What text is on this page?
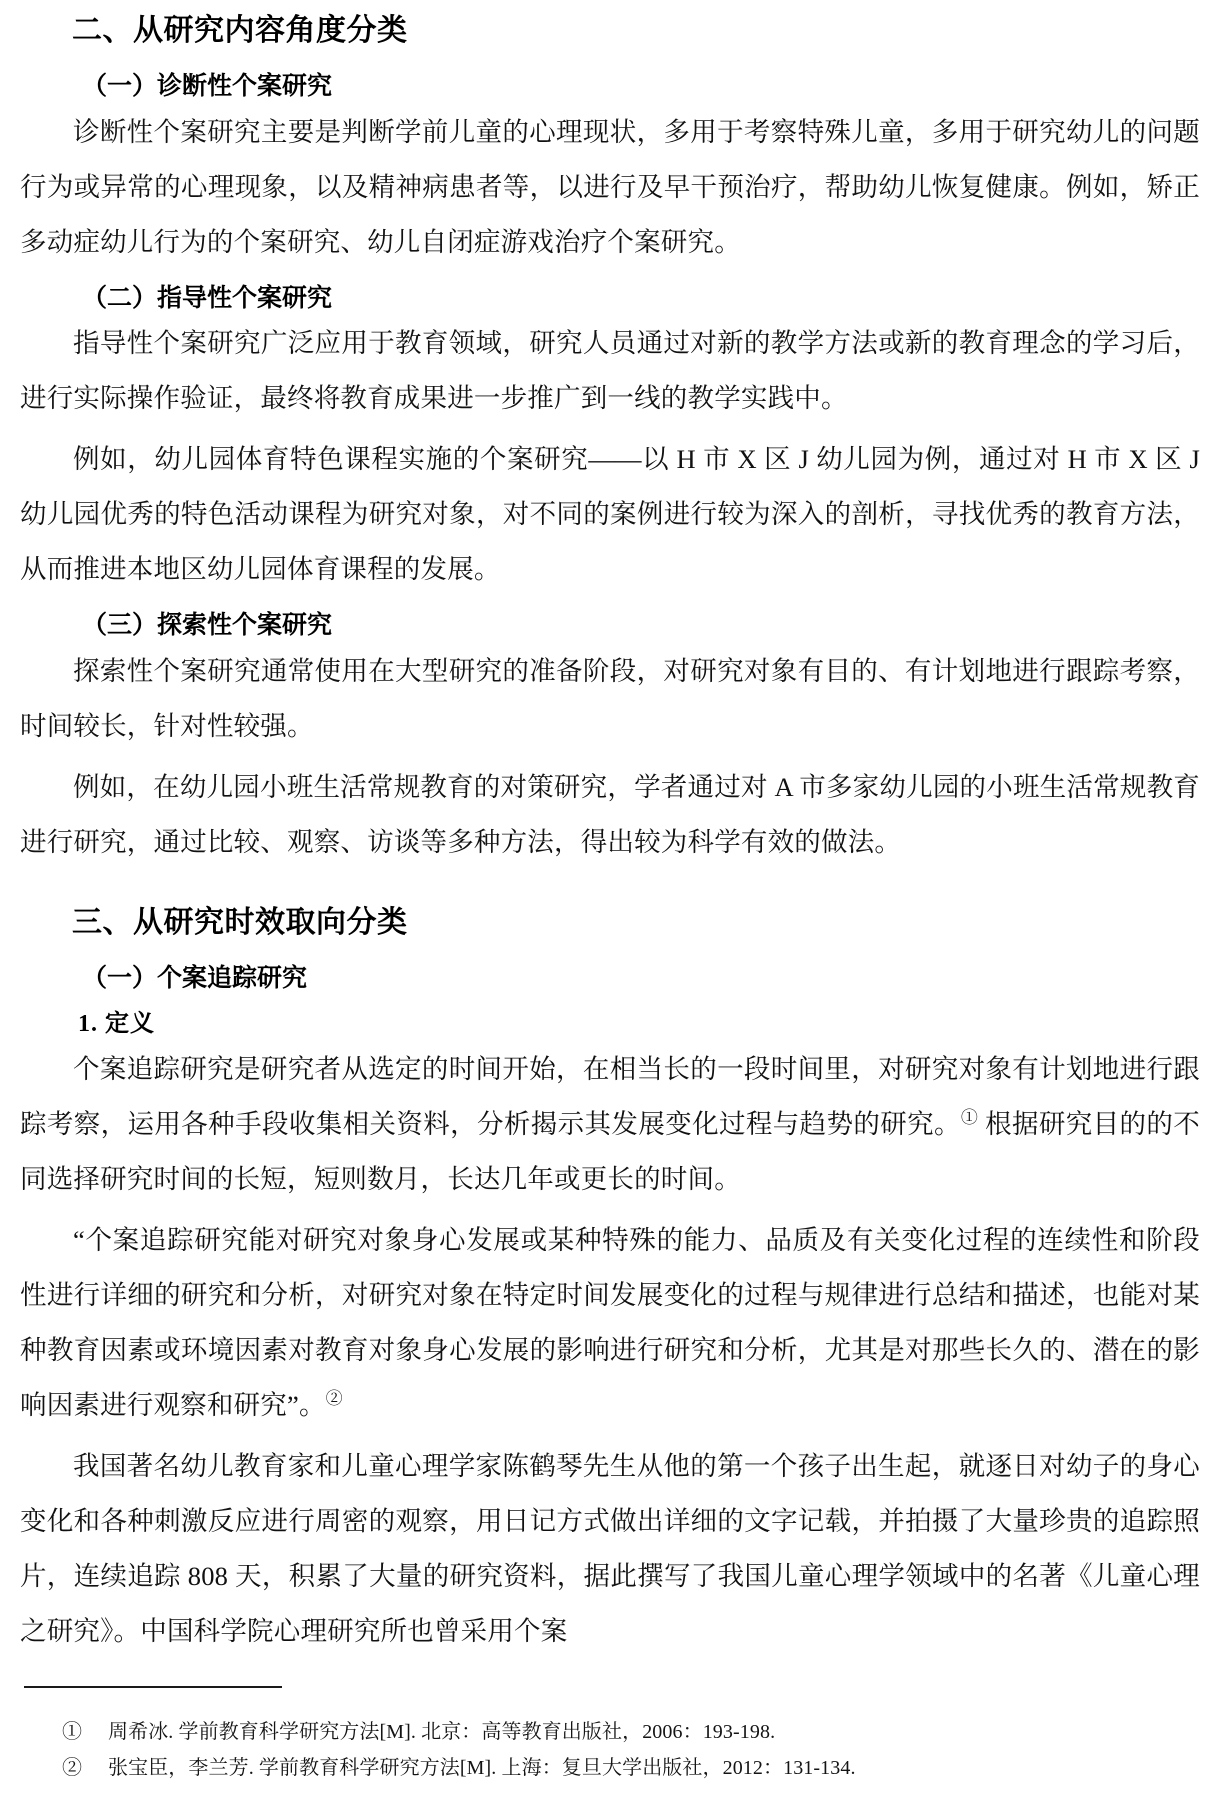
二、从研究内容角度分类
（一）诊断性个案研究

诊断性个案研究主要是判断学前儿童的心理现状，多用于考察特殊儿童，多用于研究幼儿的问题行为或异常的心理现象，以及精神病患者等，以进行及早干预治疗，帮助幼儿恢复健康。例如，矫正多动症幼儿行为的个案研究、幼儿自闭症游戏治疗个案研究。

（二）指导性个案研究

指导性个案研究广泛应用于教育领域，研究人员通过对新的教学方法或新的教育理念的学习后，进行实际操作验证，最终将教育成果进一步推广到一线的教学实践中。

例如，幼儿园体育特色课程实施的个案研究——以 H 市 X 区 J 幼儿园为例，通过对 H 市 X 区 J 幼儿园优秀的特色活动课程为研究对象，对不同的案例进行较为深入的剖析，寻找优秀的教育方法，从而推进本地区幼儿园体育课程的发展。

（三）探索性个案研究

探索性个案研究通常使用在大型研究的准备阶段，对研究对象有目的、有计划地进行跟踪考察，时间较长，针对性较强。

例如，在幼儿园小班生活常规教育的对策研究，学者通过对 A 市多家幼儿园的小班生活常规教育进行研究，通过比较、观察、访谈等多种方法，得出较为科学有效的做法。

三、从研究时效取向分类
（一）个案追踪研究
1. 定义

个案追踪研究是研究者从选定的时间开始，在相当长的一段时间里，对研究对象有计划地进行跟踪考察，运用各种手段收集相关资料，分析揭示其发展变化过程与趋势的研究。① 根据研究目的的不同选择研究时间的长短，短则数月，长达几年或更长的时间。

“个案追踪研究能对研究对象身心发展或某种特殊的能力、品质及有关变化过程的连续性和阶段性进行详细的研究和分析，对研究对象在特定时间发展变化的过程与规律进行总结和描述，也能对某种教育因素或环境因素对教育对象身心发展的影响进行研究和分析，尤其是对那些长久的、潜在的影响因素进行观察和研究”。②

我国著名幼儿教育家和儿童心理学家陈鹤琴先生从他的第一个孩子出生起，就逐日对幼子的身心变化和各种刺激反应进行周密的观察，用日记方式做出详细的文字记载，并拍摄了大量珍贵的追踪照片，连续追踪 808 天，积累了大量的研究资料，据此撰写了我国儿童心理学领域中的名著《儿童心理之研究》。中国科学院心理研究所也曾采用个案

① 周希冰. 学前教育科学研究方法[M]. 北京：高等教育出版社，2006：193-198.

② 张宝臣，李兰芳. 学前教育科学研究方法[M]. 上海：复旦大学出版社，2012：131-134.
